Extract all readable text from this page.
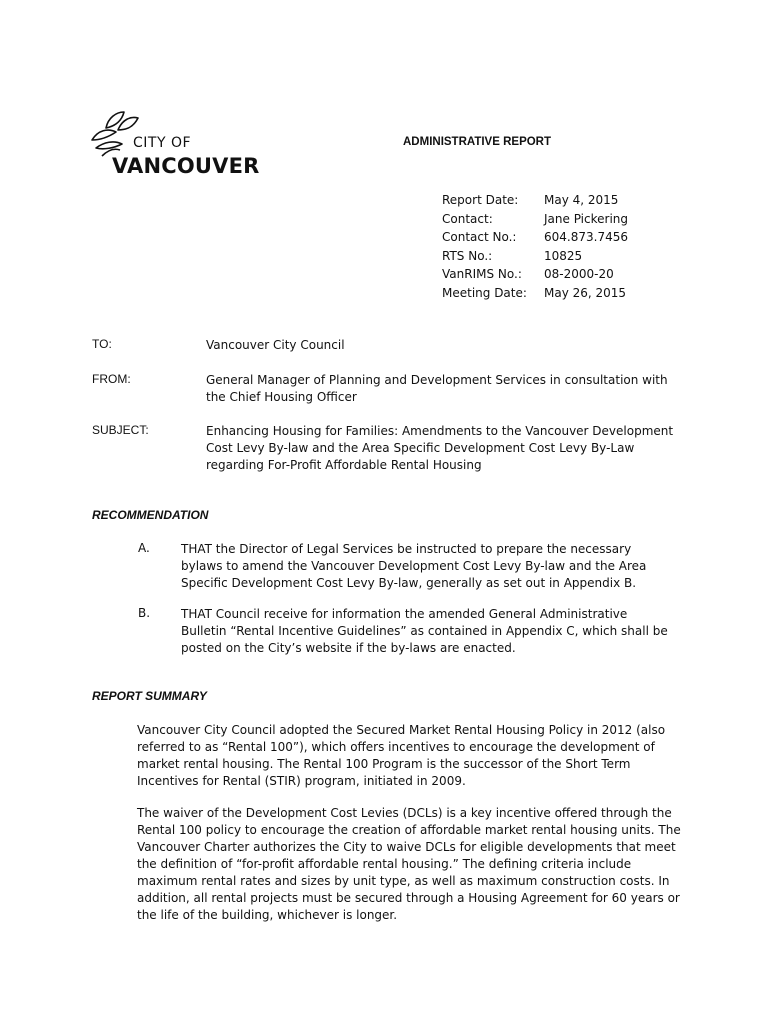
CITY OF
VANCOUVER
ADMINISTRATIVE REPORT
Report Date:	May 4, 2015
Contact:	Jane Pickering
Contact No.:	604.873.7456
RTS No.:	10825
VanRIMS No.:	08-2000-20
Meeting Date:	May 26, 2015
TO:	Vancouver City Council
FROM:	General Manager of Planning and Development Services in consultation with the Chief Housing Officer
SUBJECT:	Enhancing Housing for Families: Amendments to the Vancouver Development Cost Levy By-law and the Area Specific Development Cost Levy By-Law regarding For-Profit Affordable Rental Housing
RECOMMENDATION
A.	THAT the Director of Legal Services be instructed to prepare the necessary bylaws to amend the Vancouver Development Cost Levy By-law and the Area Specific Development Cost Levy By-law, generally as set out in Appendix B.
B.	THAT Council receive for information the amended General Administrative Bulletin “Rental Incentive Guidelines” as contained in Appendix C, which shall be posted on the City’s website if the by-laws are enacted.
REPORT SUMMARY
Vancouver City Council adopted the Secured Market Rental Housing Policy in 2012 (also referred to as “Rental 100”), which offers incentives to encourage the development of market rental housing. The Rental 100 Program is the successor of the Short Term Incentives for Rental (STIR) program, initiated in 2009.
The waiver of the Development Cost Levies (DCLs) is a key incentive offered through the Rental 100 policy to encourage the creation of affordable market rental housing units. The Vancouver Charter authorizes the City to waive DCLs for eligible developments that meet the definition of “for-profit affordable rental housing.” The defining criteria include maximum rental rates and sizes by unit type, as well as maximum construction costs. In addition, all rental projects must be secured through a Housing Agreement for 60 years or the life of the building, whichever is longer.
